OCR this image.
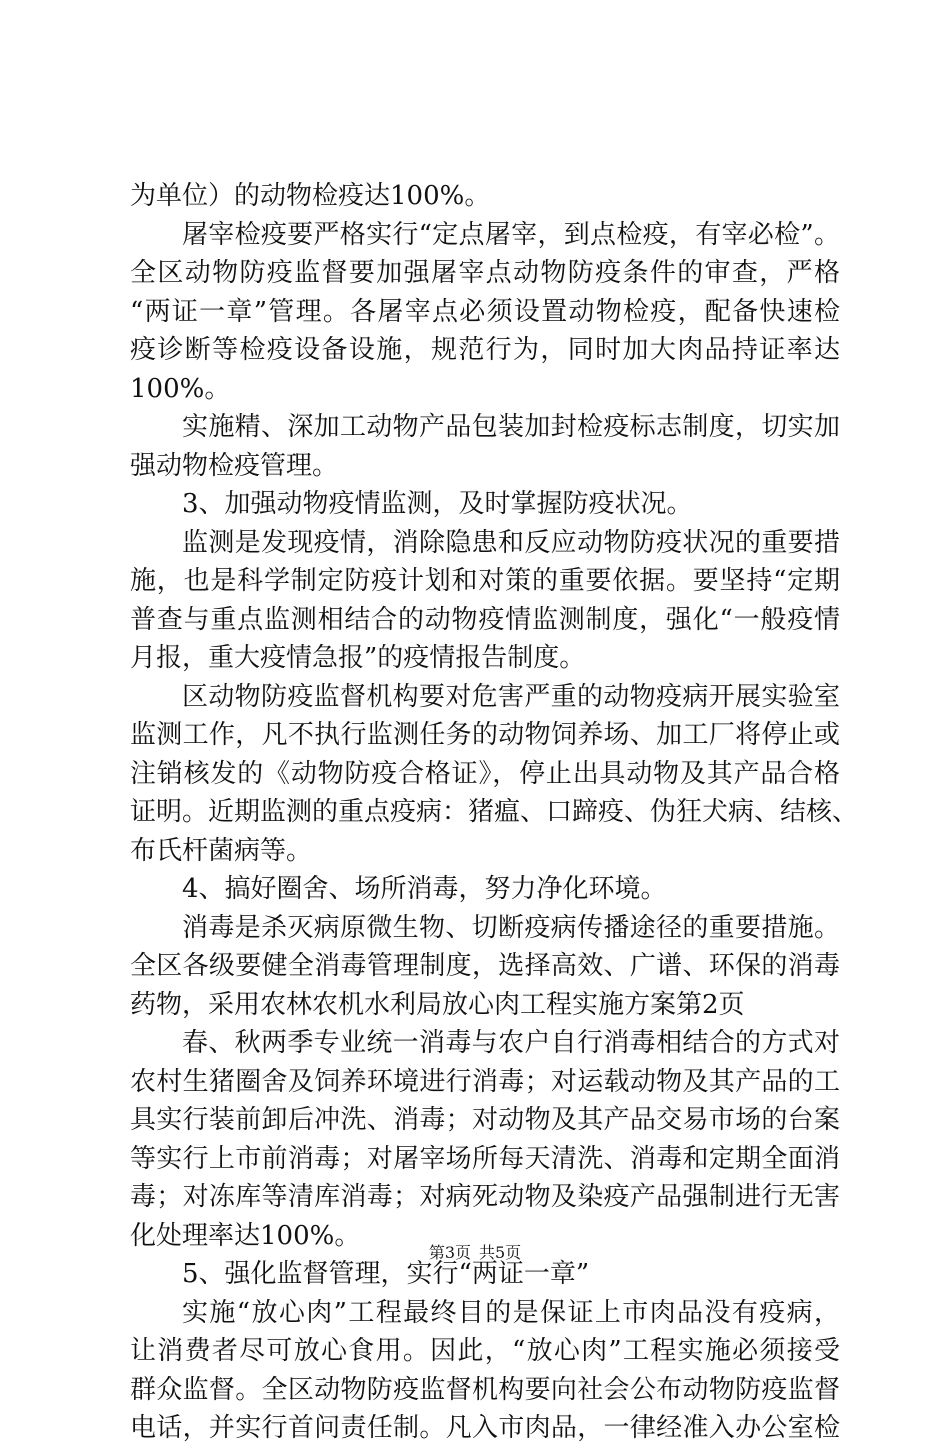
为单位）的动物检疫达100%。
屠宰检疫要严格实行“定点屠宰，到点检疫，有宰必检”。
全区动物防疫监督要加强屠宰点动物防疫条件的审查，严格
“两证一章”管理。各屠宰点必须设置动物检疫，配备快速检
疫诊断等检疫设备设施，规范行为，同时加大肉品持证率达
100%。
实施精、深加工动物产品包装加封检疫标志制度，切实加
强动物检疫管理。
3、加强动物疫情监测，及时掌握防疫状况。
监测是发现疫情，消除隐患和反应动物防疫状况的重要措
施，也是科学制定防疫计划和对策的重要依据。要坚持“定期
普查与重点监测相结合的动物疫情监测制度，强化“一般疫情
月报，重大疫情急报”的疫情报告制度。
区动物防疫监督机构要对危害严重的动物疫病开展实验室
监测工作，凡不执行监测任务的动物饲养场、加工厂将停止或
注销核发的《动物防疫合格证》，停止出具动物及其产品合格
证明。近期监测的重点疫病：猪瘟、口蹄疫、伪狂犬病、结核、
布氏杆菌病等。
4、搞好圈舍、场所消毒，努力净化环境。
消毒是杀灭病原微生物、切断疫病传播途径的重要措施。
全区各级要健全消毒管理制度，选择高效、广谱、环保的消毒
药物，采用农林农机水利局放心肉工程实施方案第2页
春、秋两季专业统一消毒与农户自行消毒相结合的方式对
农村生猪圈舍及饲养环境进行消毒；对运载动物及其产品的工
具实行装前卸后冲洗、消毒；对动物及其产品交易市场的台案
等实行上市前消毒；对屠宰场所每天清洗、消毒和定期全面消
毒；对冻库等清库消毒；对病死动物及染疫产品强制进行无害
化处理率达100%。
5、强化监督管理，实行“两证一章”
实施“放心肉”工程最终目的是保证上市肉品没有疫病，
让消费者尽可放心食用。因此，“放心肉”工程实施必须接受
群众监督。全区动物防疫监督机构要向社会公布动物防疫监督
电话，并实行首问责任制。凡入市肉品，一律经准入办公室检
第3页 共5页
